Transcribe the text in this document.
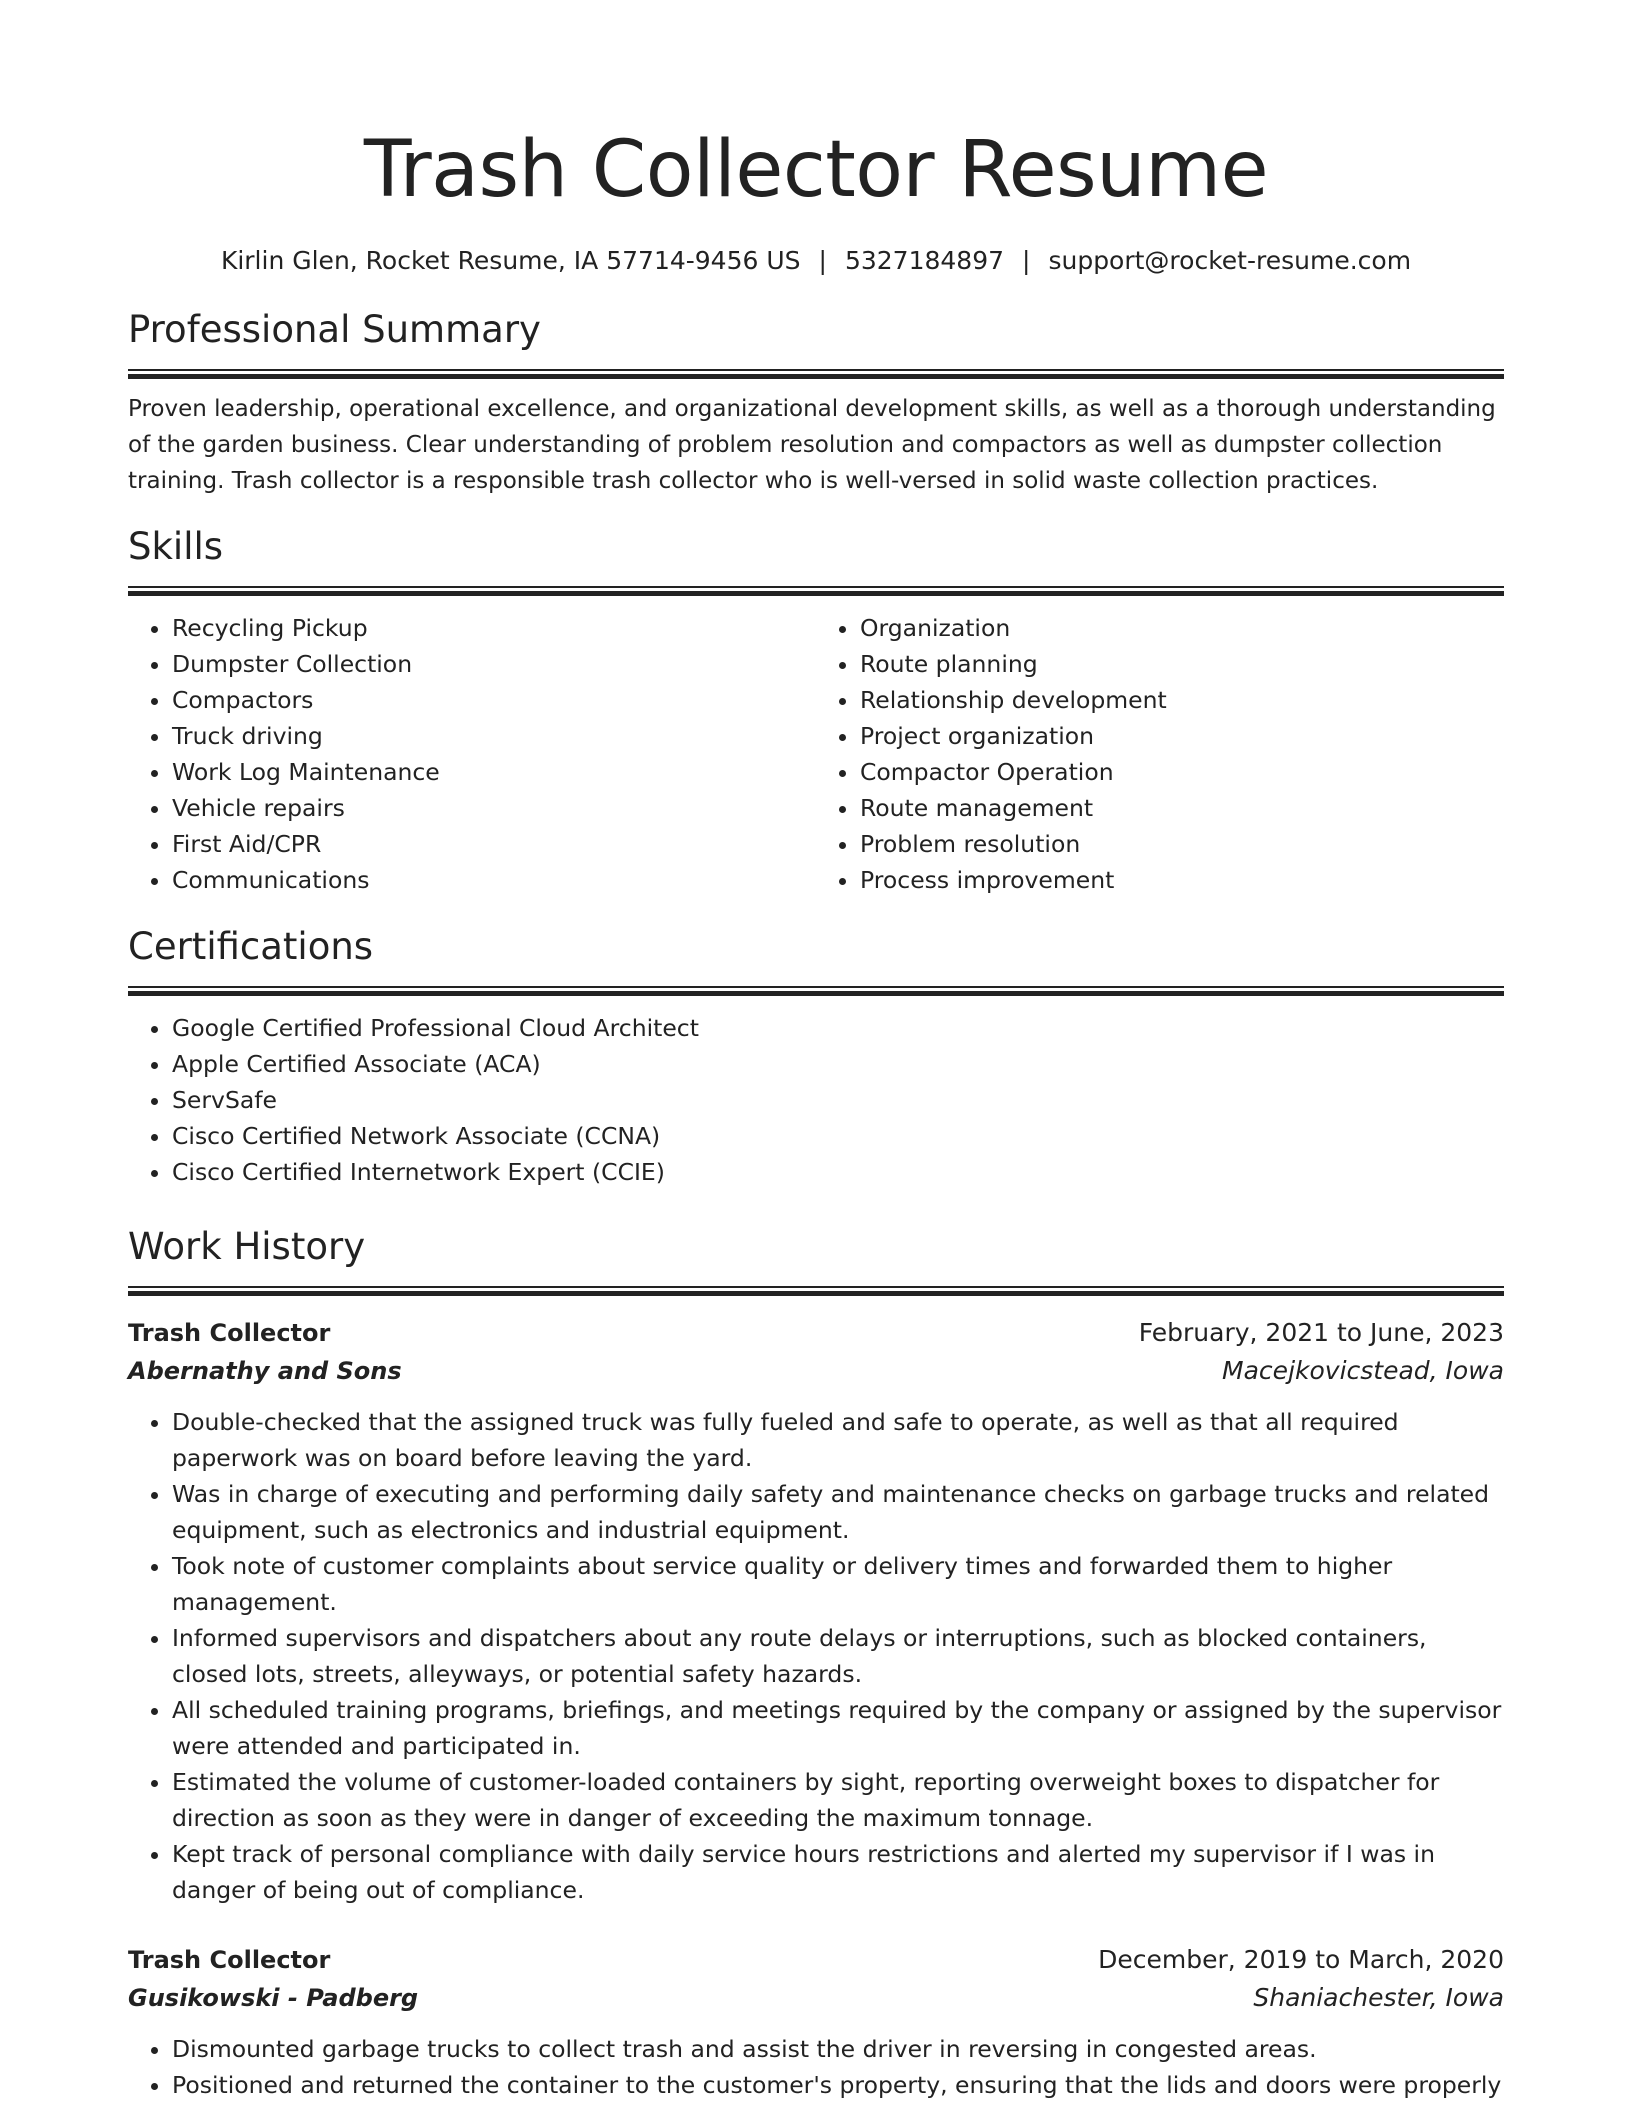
Trash Collector Resume
Kirlin Glen, Rocket Resume, IA 57714-9456 US | 5327184897 | support@rocket-resume.com
Professional Summary

Proven leadership, operational excellence, and organizational development skills, as well as a thorough understanding of the garden business. Clear understanding of problem resolution and compactors as well as dumpster collection training. Trash collector is a responsible trash collector who is well-versed in solid waste collection practices.

Skills
• Recycling Pickup
• Dumpster Collection
• Compactors
• Truck driving
• Work Log Maintenance
• Vehicle repairs
• First Aid/CPR
• Communications
• Organization
• Route planning
• Relationship development
• Project organization
• Compactor Operation
• Route management
• Problem resolution
• Process improvement
Certifications
• Google Certified Professional Cloud Architect
• Apple Certified Associate (ACA)
• ServSafe
• Cisco Certified Network Associate (CCNA)
• Cisco Certified Internetwork Expert (CCIE)
Work History
Trash Collector	February, 2021 to June, 2023
Abernathy and Sons	Macejkovicstead, Iowa
• Double-checked that the assigned truck was fully fueled and safe to operate, as well as that all required paperwork was on board before leaving the yard.
• Was in charge of executing and performing daily safety and maintenance checks on garbage trucks and related equipment, such as electronics and industrial equipment.
• Took note of customer complaints about service quality or delivery times and forwarded them to higher management.
• Informed supervisors and dispatchers about any route delays or interruptions, such as blocked containers, closed lots, streets, alleyways, or potential safety hazards.
• All scheduled training programs, briefings, and meetings required by the company or assigned by the supervisor were attended and participated in.
• Estimated the volume of customer-loaded containers by sight, reporting overweight boxes to dispatcher for direction as soon as they were in danger of exceeding the maximum tonnage.
• Kept track of personal compliance with daily service hours restrictions and alerted my supervisor if I was in danger of being out of compliance.
Trash Collector	December, 2019 to March, 2020
Gusikowski - Padberg	Shaniachester, Iowa
• Dismounted garbage trucks to collect trash and assist the driver in reversing in congested areas.
• Positioned and returned the container to the customer's property, ensuring that the lids and doors were properly
